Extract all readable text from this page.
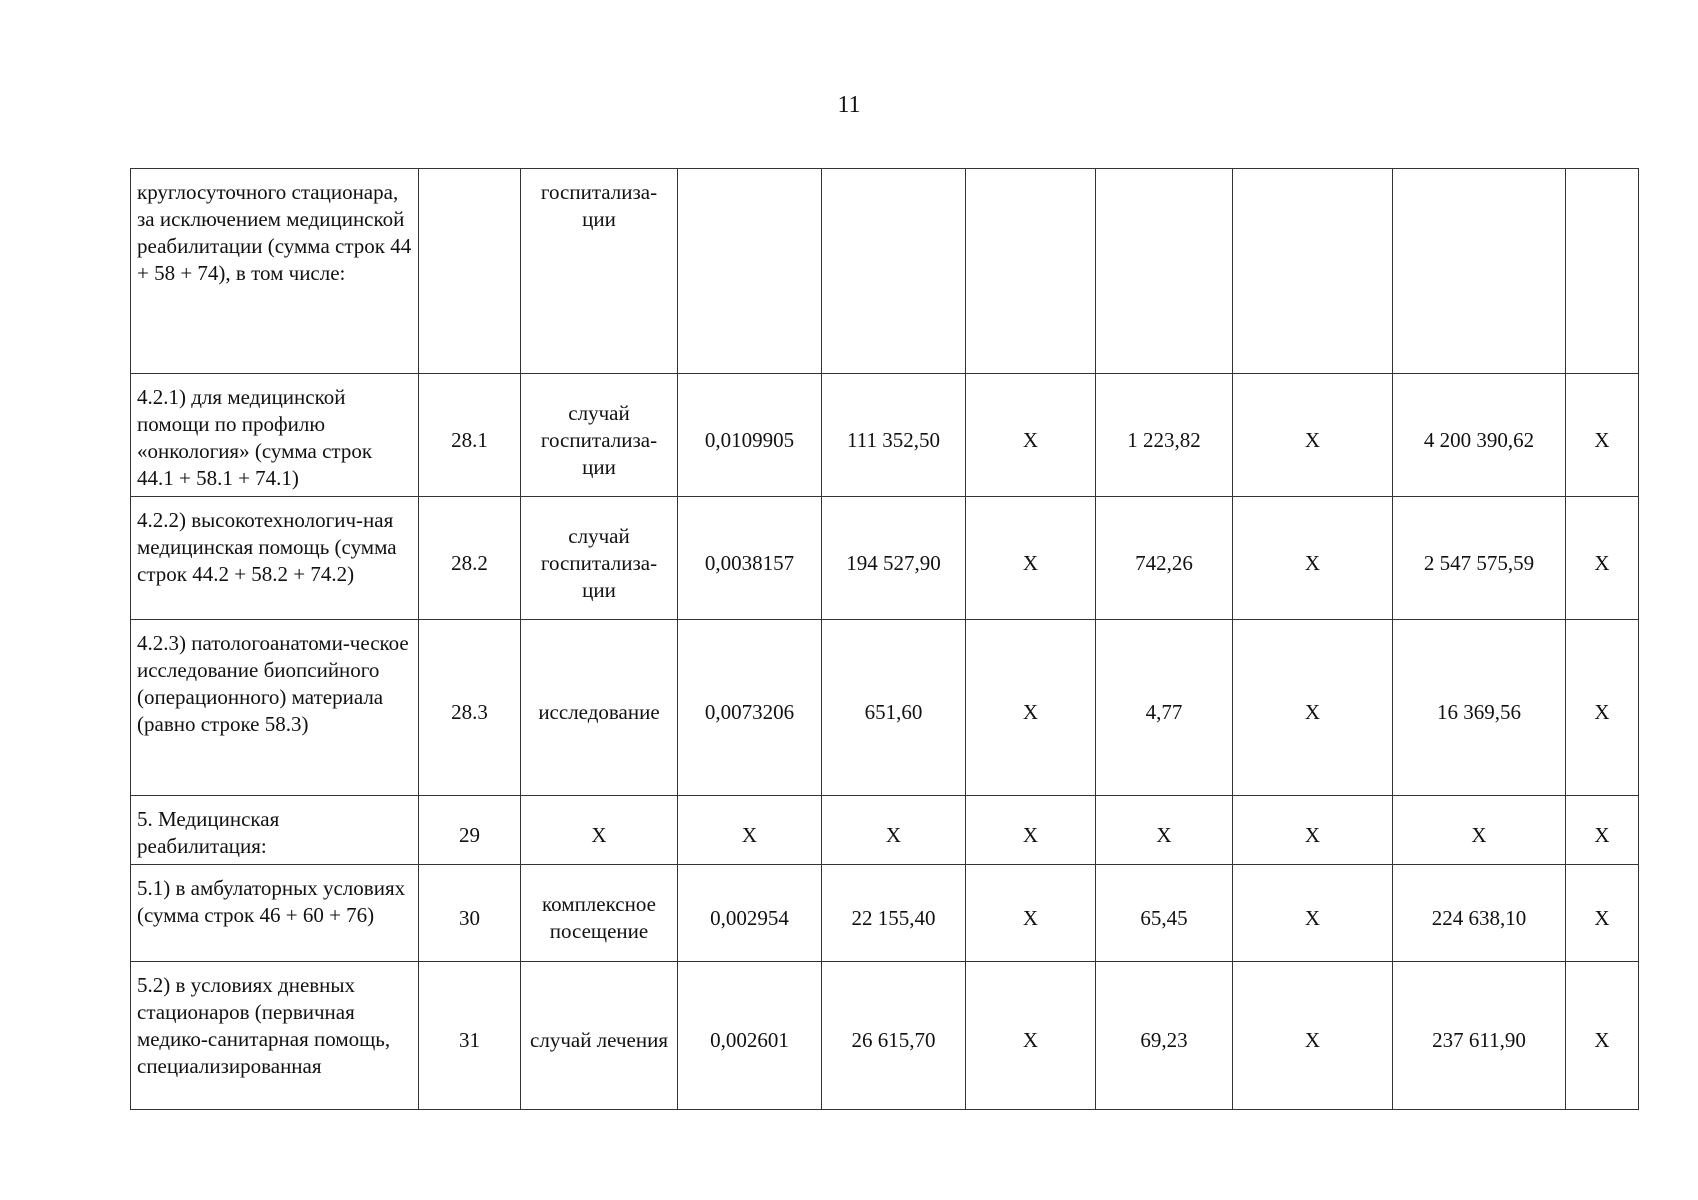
11
круглосуточного стационара, за исключением медицинской реабилитации (сумма строк 44 + 58 + 74), в том числе:		госпитализа-ции							
4.2.1) для медицинской помощи по профилю «онкология» (сумма строк 44.1 + 58.1 + 74.1)	28.1	случай госпитализа-ции	0,0109905	111 352,50	X	1 223,82	X	4 200 390,62	X
4.2.2) высокотехнологич-ная медицинская помощь (сумма строк 44.2 + 58.2 + 74.2)	28.2	случай госпитализа-ции	0,0038157	194 527,90	X	742,26	X	2 547 575,59	X
4.2.3) патологоанатоми-ческое исследование биопсийного (операционного) материала (равно строке 58.3)	28.3	исследование	0,0073206	651,60	X	4,77	X	16 369,56	X
5. Медицинская реабилитация:	29	X	X	X	X	X	X	X	X
5.1) в амбулаторных условиях (сумма строк 46 + 60 + 76)	30	комплексное посещение	0,002954	22 155,40	X	65,45	X	224 638,10	X
5.2) в условиях дневных стационаров (первичная медико-санитарная помощь, специализированная	31	случай лечения	0,002601	26 615,70	X	69,23	X	237 611,90	X
